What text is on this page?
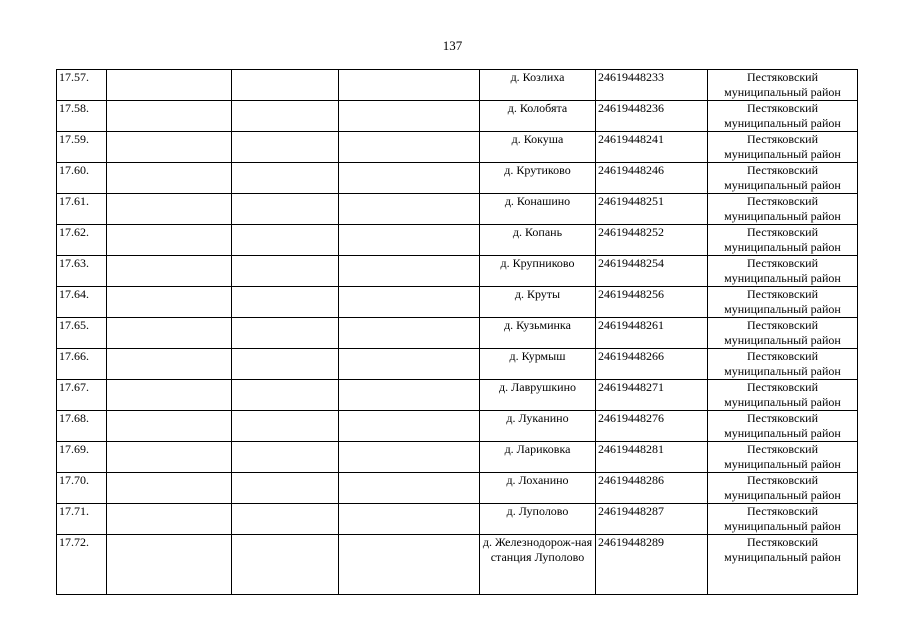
137
17.57.				д. Козлиха	24619448233	Пестяковский муниципальный район
17.58.				д. Колобята	24619448236	Пестяковский муниципальный район
17.59.				д. Кокуша	24619448241	Пестяковский муниципальный район
17.60.				д. Крутиково	24619448246	Пестяковский муниципальный район
17.61.				д. Конашино	24619448251	Пестяковский муниципальный район
17.62.				д. Копань	24619448252	Пестяковский муниципальный район
17.63.				д. Крупниково	24619448254	Пестяковский муниципальный район
17.64.				д. Круты	24619448256	Пестяковский муниципальный район
17.65.				д. Кузьминка	24619448261	Пестяковский муниципальный район
17.66.				д. Курмыш	24619448266	Пестяковский муниципальный район
17.67.				д. Лаврушкино	24619448271	Пестяковский муниципальный район
17.68.				д. Луканино	24619448276	Пестяковский муниципальный район
17.69.				д. Лариковка	24619448281	Пестяковский муниципальный район
17.70.				д. Лоханино	24619448286	Пестяковский муниципальный район
17.71.				д. Луполово	24619448287	Пестяковский муниципальный район
17.72.				д. Железнодорож-ная станция Луполово	24619448289	Пестяковский муниципальный район
